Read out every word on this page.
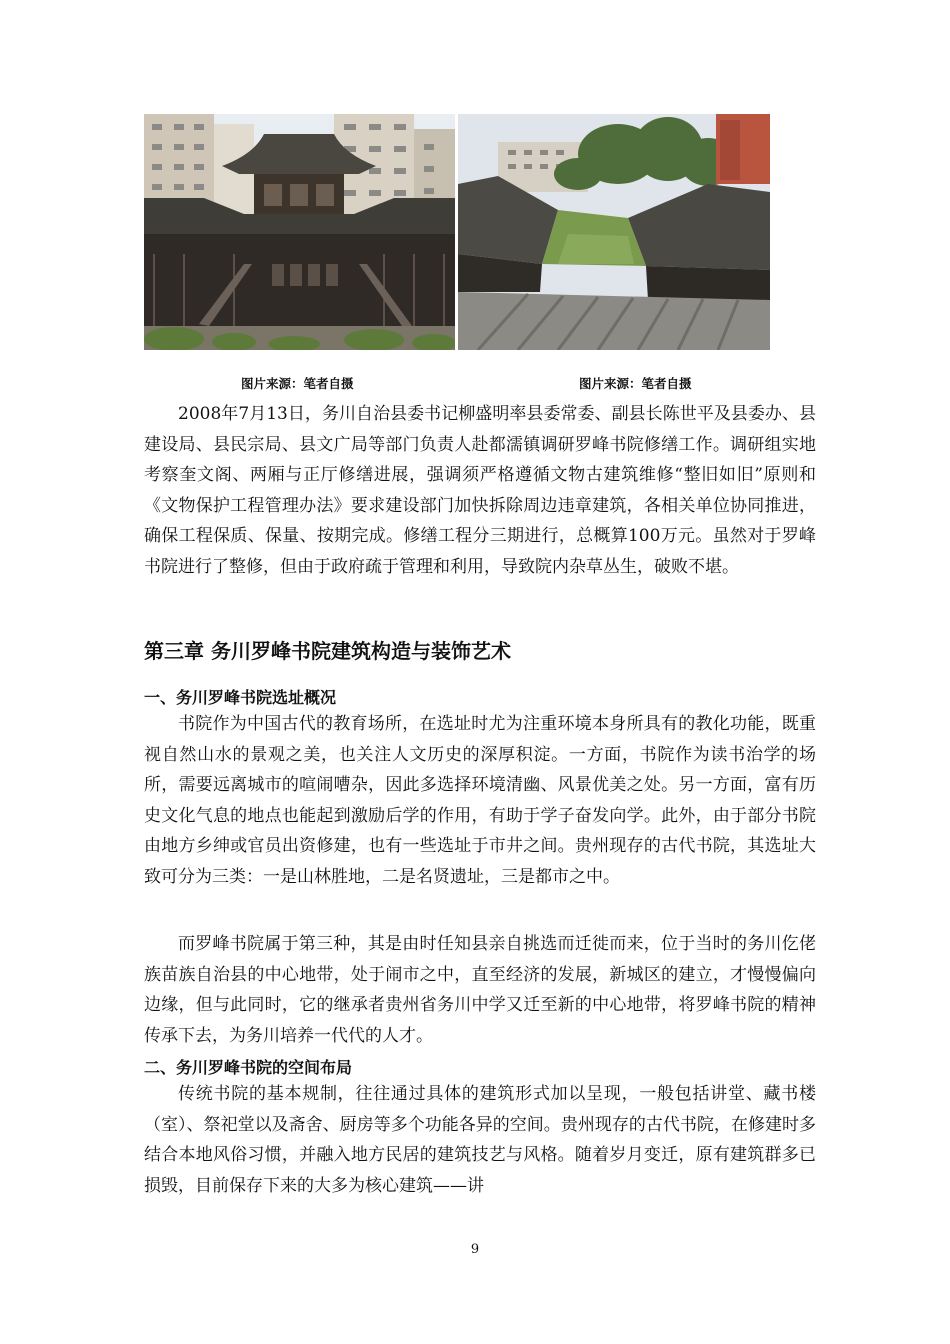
图片来源：笔者自摄	图片来源：笔者自摄

2008年7月13日，务川自治县委书记柳盛明率县委常委、副县长陈世平及县委办、县建设局、县民宗局、县文广局等部门负责人赴都濡镇调研罗峰书院修缮工作。调研组实地考察奎文阁、两厢与正厅修缮进展，强调须严格遵循文物古建筑维修“整旧如旧”原则和《文物保护工程管理办法》要求建设部门加快拆除周边违章建筑，各相关单位协同推进，确保工程保质、保量、按期完成。修缮工程分三期进行，总概算100万元。虽然对于罗峰书院进行了整修，但由于政府疏于管理和利用，导致院内杂草丛生，破败不堪。

第三章 务川罗峰书院建筑构造与装饰艺术
一、务川罗峰书院选址概况

书院作为中国古代的教育场所，在选址时尤为注重环境本身所具有的教化功能，既重视自然山水的景观之美，也关注人文历史的深厚积淀。一方面，书院作为读书治学的场所，需要远离城市的喧闹嘈杂，因此多选择环境清幽、风景优美之处。另一方面，富有历史文化气息的地点也能起到激励后学的作用，有助于学子奋发向学。此外，由于部分书院由地方乡绅或官员出资修建，也有一些选址于市井之间。贵州现存的古代书院，其选址大致可分为三类：一是山林胜地，二是名贤遗址，三是都市之中。

而罗峰书院属于第三种，其是由时任知县亲自挑选而迁徙而来，位于当时的务川仡佬族苗族自治县的中心地带，处于闹市之中，直至经济的发展，新城区的建立，才慢慢偏向边缘，但与此同时，它的继承者贵州省务川中学又迁至新的中心地带，将罗峰书院的精神传承下去，为务川培养一代代的人才。

二、务川罗峰书院的空间布局

传统书院的基本规制，往往通过具体的建筑形式加以呈现，一般包括讲堂、藏书楼（室）、祭祀堂以及斋舍、厨房等多个功能各异的空间。贵州现存的古代书院，在修建时多结合本地风俗习惯，并融入地方民居的建筑技艺与风格。随着岁月变迁，原有建筑群多已损毁，目前保存下来的大多为核心建筑——讲

9
